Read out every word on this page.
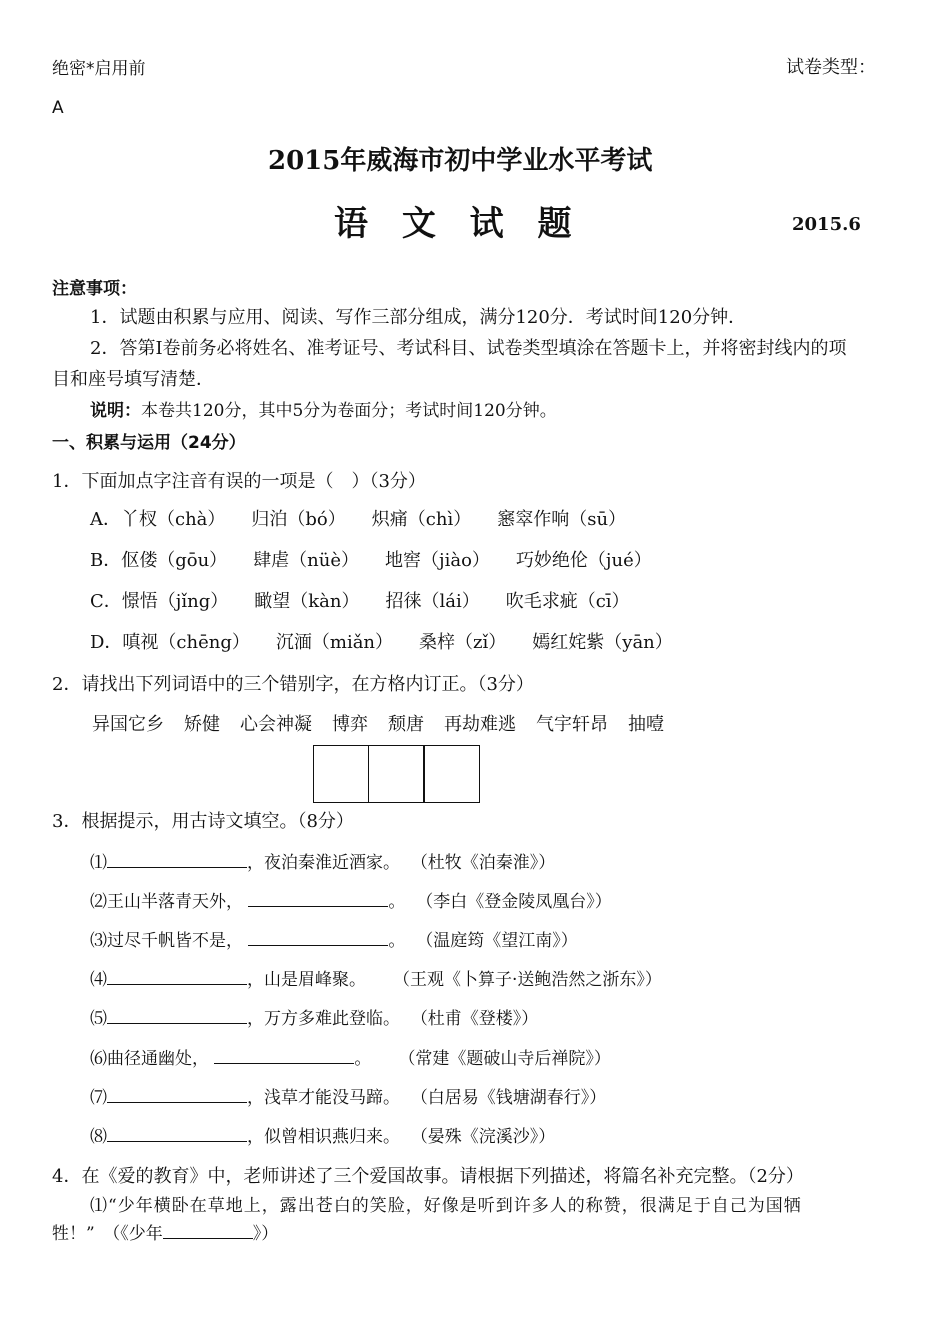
绝密*启用前	试卷类型：
A
2015年威海市初中学业水平考试
语 文 试 题	2015.6
注意事项：
1．试题由积累与应用、阅读、写作三部分组成，满分120分．考试时间120分钟．
2．答第Ⅰ卷前务必将姓名、准考证号、考试科目、试卷类型填涂在答题卡上，并将密封线内的项
目和座号填写清楚．
说明：本卷共120分，其中5分为卷面分；考试时间120分钟。
一、积累与运用（24分）
1．下面加点字注音有误的一项是（　）（3分）
A．丫杈（chà） 归泊（bó） 炽痛（chì） 窸窣作响（sū）
B．伛偻（gōu） 肆虐（nüè） 地窖（jiào） 巧妙绝伦（jué）
C．憬悟（jǐng） 瞰望（kàn） 招徕（lái） 吹毛求疵（cī）
D．嗔视（chēng） 沉湎（miǎn） 桑梓（zǐ） 嫣红姹紫（yān）
2．请找出下列词语中的三个错别字，在方格内订正。（3分）
异国它乡 矫健 心会神凝 博弈 颓唐 再劫难逃 气宇轩昂 抽噎
3．根据提示，用古诗文填空。（8分）
⑴	，夜泊秦淮近酒家。 （杜牧《泊秦淮》）
⑵王山半落青天外，	。 （李白《登金陵凤凰台》）
⑶过尽千帆皆不是，	。 （温庭筠《望江南》）
⑷	，山是眉峰聚。 （王观《卜算子·送鲍浩然之浙东》）
⑸	，万方多难此登临。 （杜甫《登楼》）
⑹曲径通幽处，	。 （常建《题破山寺后禅院》）
⑺	，浅草才能没马蹄。 （白居易《钱塘湖春行》）
⑻	，似曾相识燕归来。 （晏殊《浣溪沙》）
4．在《爱的教育》中，老师讲述了三个爱国故事。请根据下列描述，将篇名补充完整。（2分）
⑴“少年横卧在草地上，露出苍白的笑脸，好像是听到许多人的称赞，很满足于自己为国牺
牲！”　（《少年	》）
